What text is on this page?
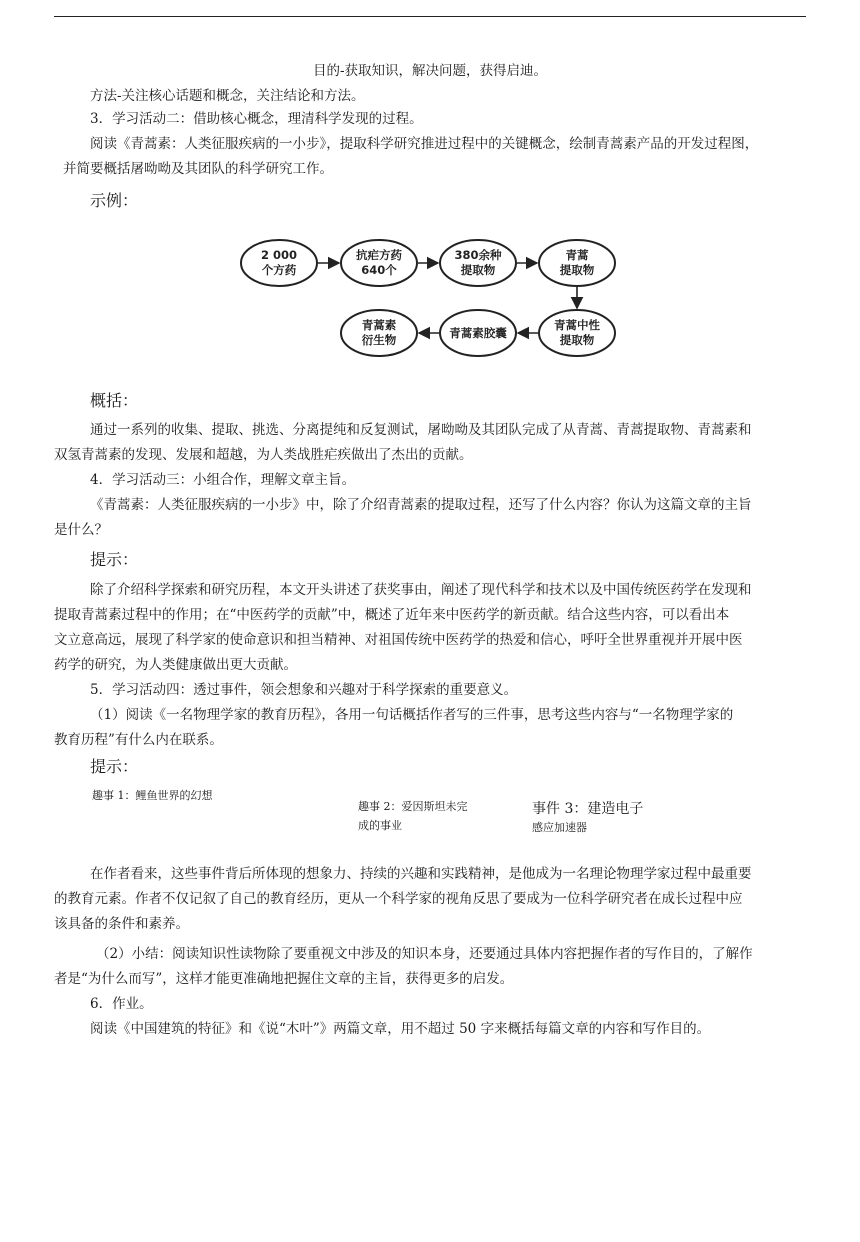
目的-获取知识，解决问题，获得启迪。
方法-关注核心话题和概念，关注结论和方法。
3．学习活动二：借助核心概念，理清科学发现的过程。
阅读《青蒿素：人类征服疾病的一小步》，提取科学研究推进过程中的关键概念，绘制青蒿素产品的开发过程图，
并简要概括屠呦呦及其团队的科学研究工作。
示例：
2 000
个方药
抗疟方药
640个
380余种
提取物
青蒿
提取物
青蒿中性
提取物
青蒿素胶囊
青蒿素
衍生物
概括：
通过一系列的收集、提取、挑选、分离提纯和反复测试，屠呦呦及其团队完成了从青蒿、青蒿提取物、青蒿素和
双氢青蒿素的发现、发展和超越，为人类战胜疟疾做出了杰出的贡献。
4．学习活动三：小组合作，理解文章主旨。
《青蒿素：人类征服疾病的一小步》中，除了介绍青蒿素的提取过程，还写了什么内容？你认为这篇文章的主旨
是什么？
提示：
除了介绍科学探索和研究历程，本文开头讲述了获奖事由，阐述了现代科学和技术以及中国传统医药学在发现和
提取青蒿素过程中的作用；在“中医药学的贡献”中，概述了近年来中医药学的新贡献。结合这些内容，可以看出本
文立意高远，展现了科学家的使命意识和担当精神、对祖国传统中医药学的热爱和信心，呼吁全世界重视并开展中医
药学的研究，为人类健康做出更大贡献。
5．学习活动四：透过事件，领会想象和兴趣对于科学探索的重要意义。
（1）阅读《一名物理学家的教育历程》，各用一句话概括作者写的三件事，思考这些内容与“一名物理学家的
教育历程”有什么内在联系。
提示：
趣事 1：鲤鱼世界的幻想
趣事 2：爱因斯坦未完
成的事业
事件 3：建造电子
感应加速器
在作者看来，这些事件背后所体现的想象力、持续的兴趣和实践精神，是他成为一名理论物理学家过程中最重要
的教育元素。作者不仅记叙了自己的教育经历，更从一个科学家的视角反思了要成为一位科学研究者在成长过程中应
该具备的条件和素养。
（2）小结：阅读知识性读物除了要重视文中涉及的知识本身，还要通过具体内容把握作者的写作目的，了解作
者是“为什么而写”，这样才能更准确地把握住文章的主旨，获得更多的启发。
6．作业。
阅读《中国建筑的特征》和《说“木叶”》两篇文章，用不超过 50 字来概括每篇文章的内容和写作目的。
